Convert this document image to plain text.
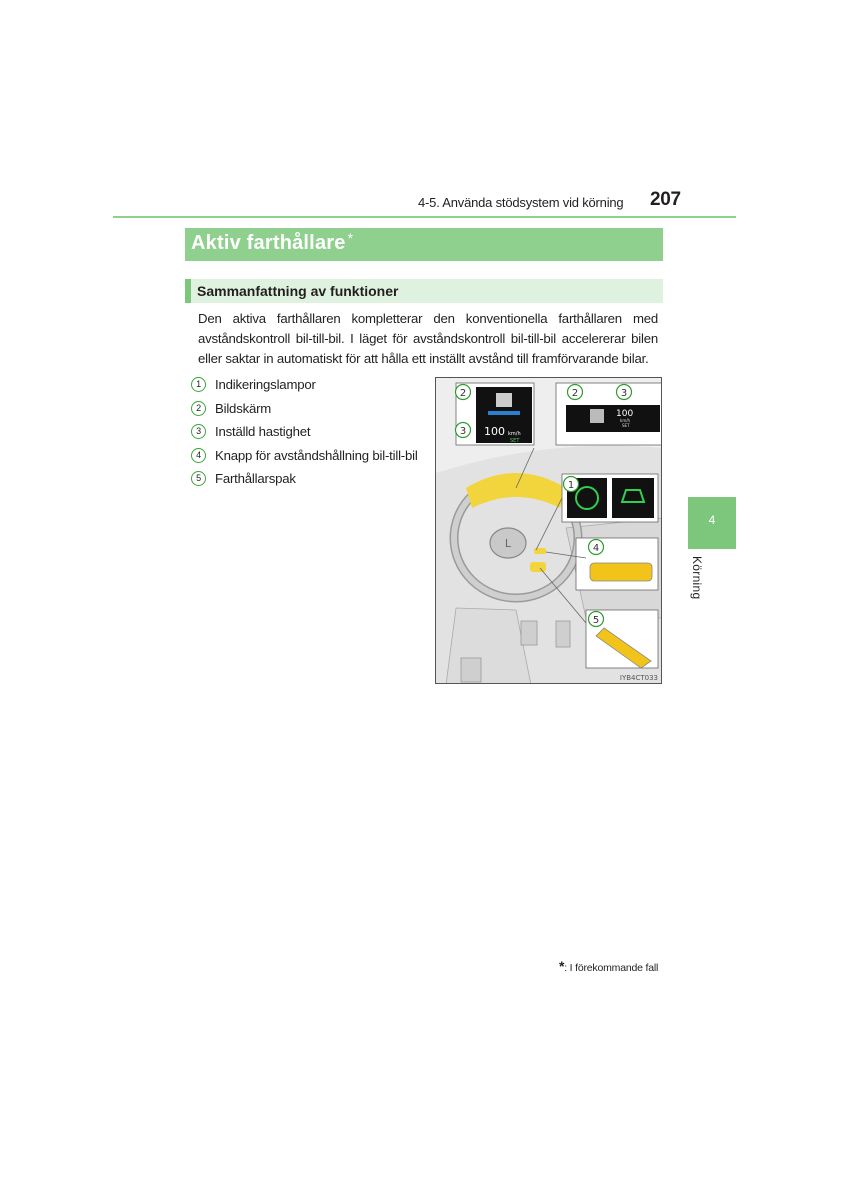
4-5. Använda stödsystem vid körning 207
4
Körning
Aktiv farthållare *
Sammanfattning av funktioner
Den aktiva farthållaren kompletterar den konventionella farthållaren med avståndskontroll bil-till-bil. I läget för avståndskontroll bil-till-bil accelererar bilen eller saktar in automatiskt för att hålla ett inställt avstånd till framförvarande bilar.
1	Indikeringslampor
2	Bildskärm
3	Inställd hastighet
4	Knapp för avståndshållning bil-till-bil
5	Farthållarspak
L
100 km/h
SET
100
km/h
SET
2
3
2	3
1
4
5
IYB4CT033
*: I förekommande fall
